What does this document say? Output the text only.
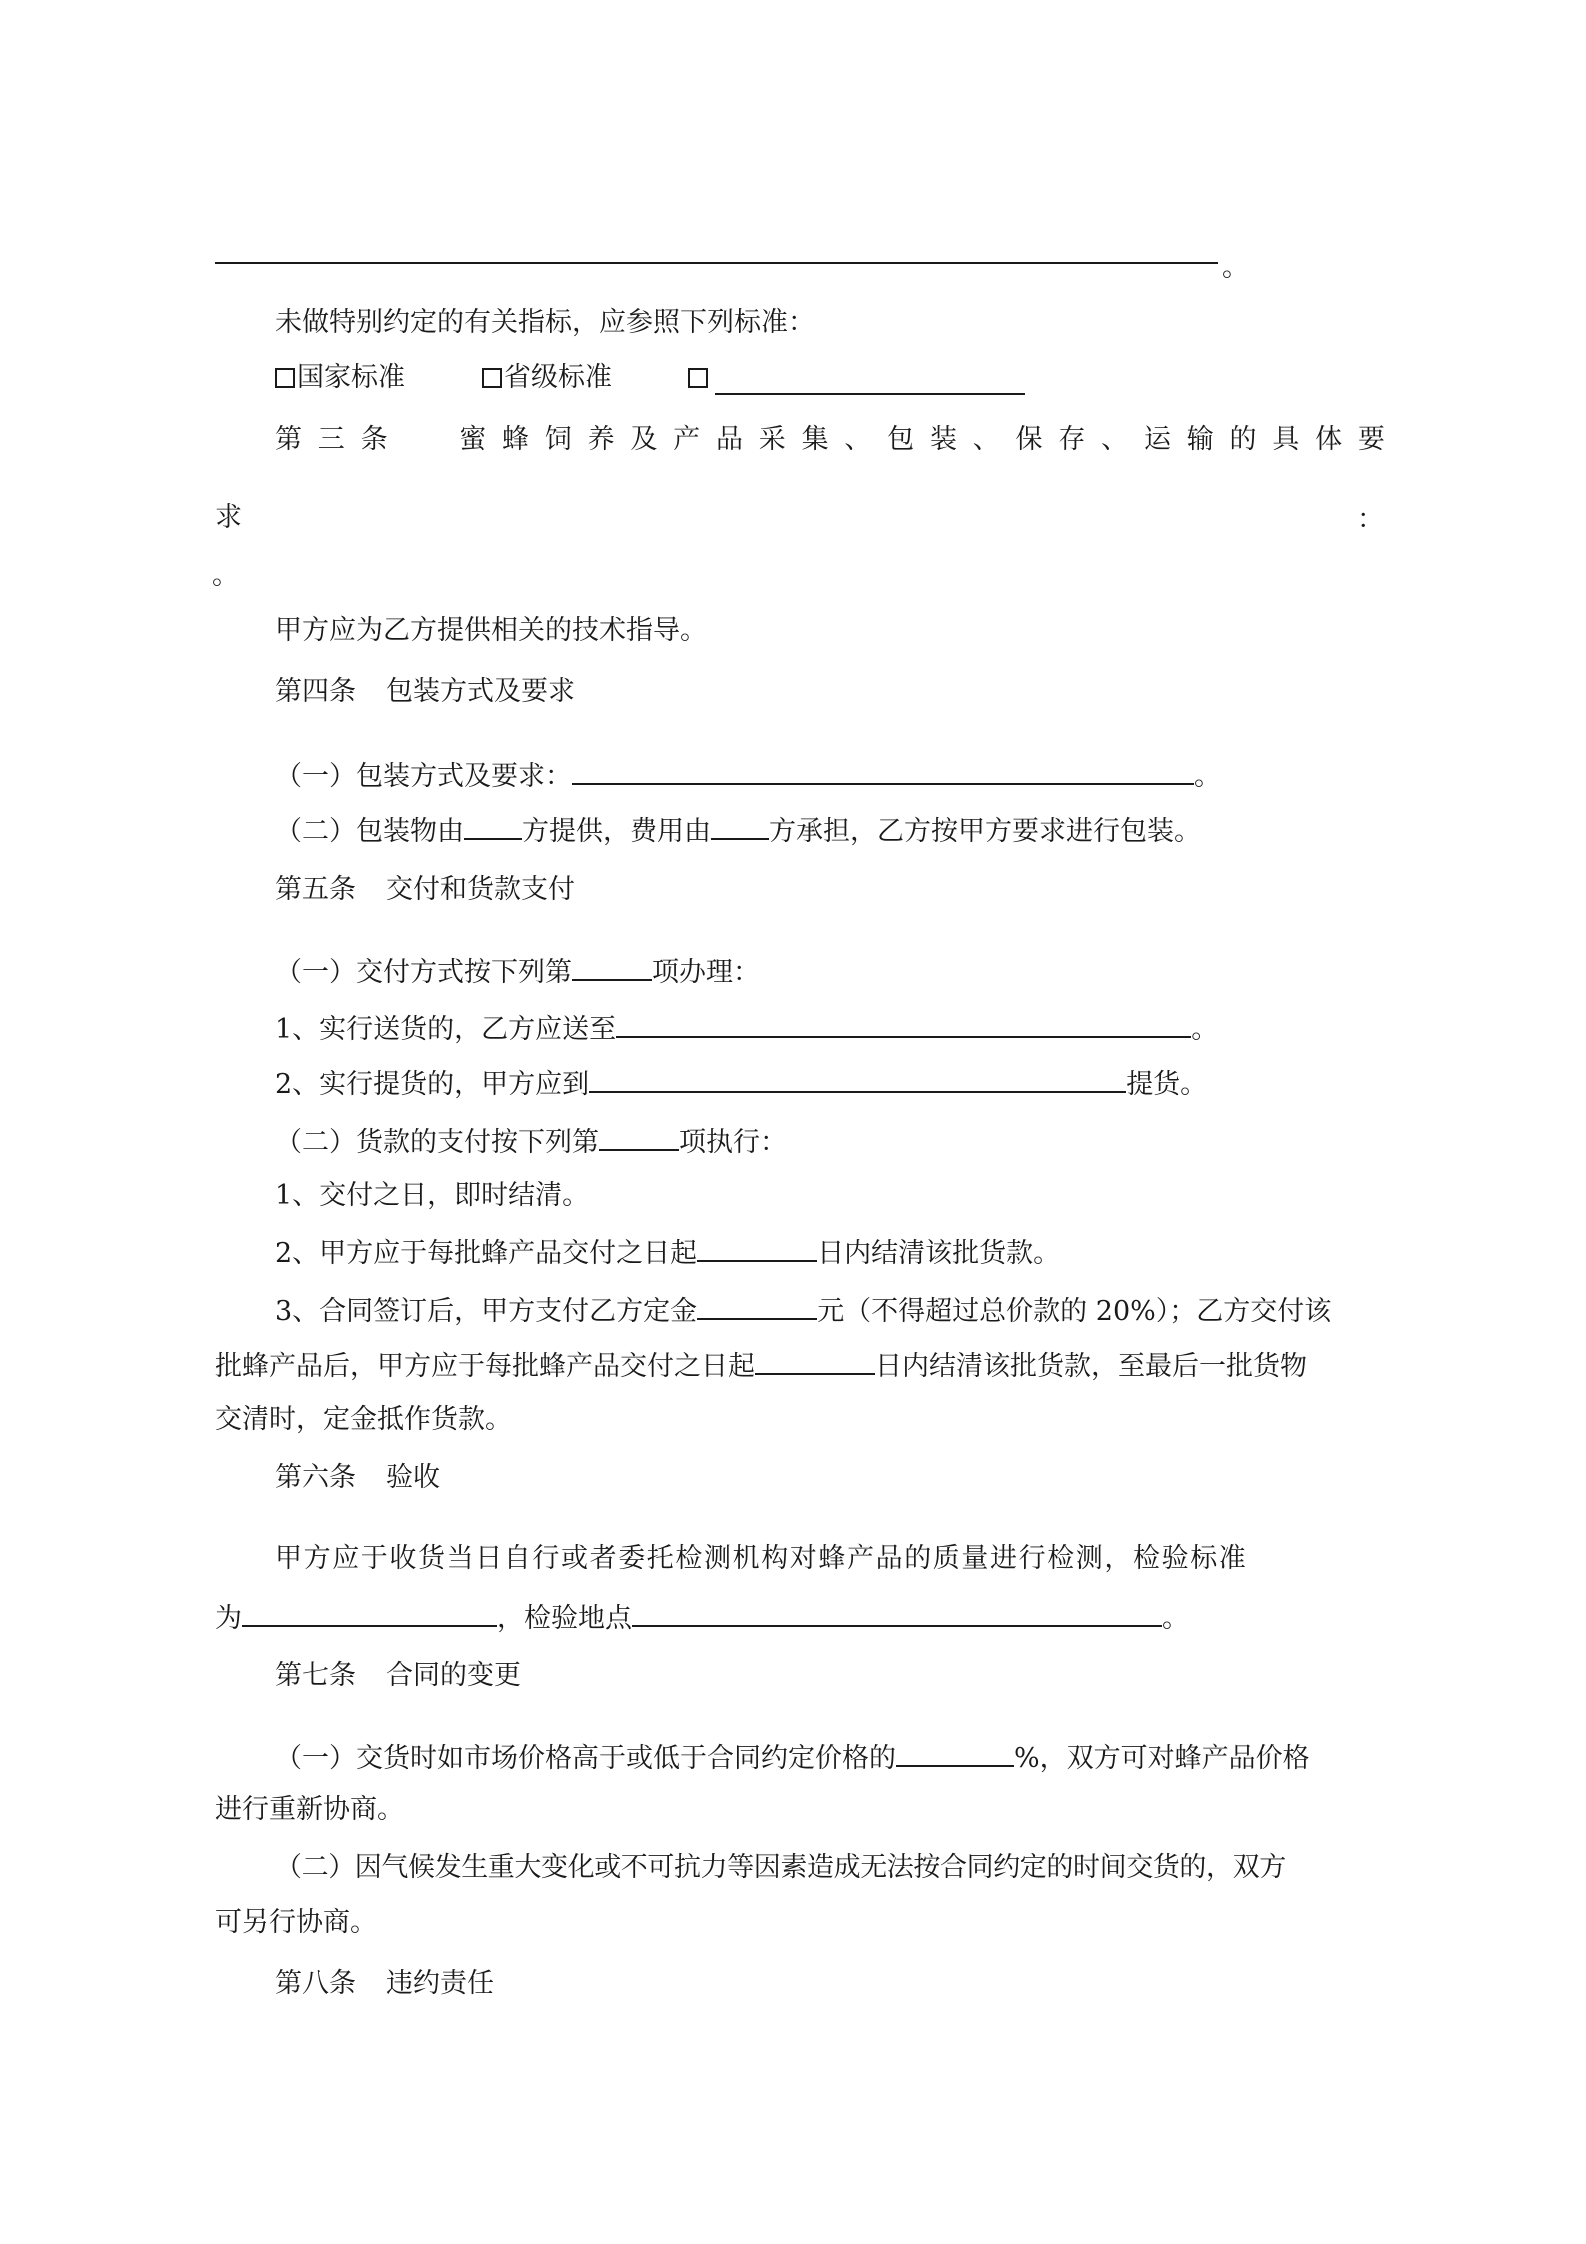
。
未做特别约定的有关指标，应参照下列标准：
国家标准	省级标准
第 三 条	蜜 蜂 饲 养 及 产 品 采 集 、 包 装 、 保 存 、 运 输 的 具 体 要
求	：
。
甲方应为乙方提供相关的技术指导。
第四条 包装方式及要求
（一）包装方式及要求：	。
（二）包装物由 方提供，费用由 方承担，乙方按甲方要求进行包装。
第五条 交付和货款支付
（一）交付方式按下列第	项办理：
1、实行送货的，乙方应送至	。
2、实行提货的，甲方应到	提货。
（二）货款的支付按下列第	项执行：
1、交付之日，即时结清。
2、甲方应于每批蜂产品交付之日起	日内结清该批货款。
3、合同签订后，甲方支付乙方定金	元（不得超过总价款的 20%）；乙方交付该
批蜂产品后，甲方应于每批蜂产品交付之日起	日内结清该批货款，至最后一批货物
交清时，定金抵作货款。
第六条 验收
甲方应于收货当日自行或者委托检测机构对蜂产品的质量进行检测，检验标准
为	，检验地点	。
第七条 合同的变更
（一）交货时如市场价格高于或低于合同约定价格的	%，双方可对蜂产品价格
进行重新协商。
（二）因气候发生重大变化或不可抗力等因素造成无法按合同约定的时间交货的，双方
可另行协商。
第八条 违约责任
